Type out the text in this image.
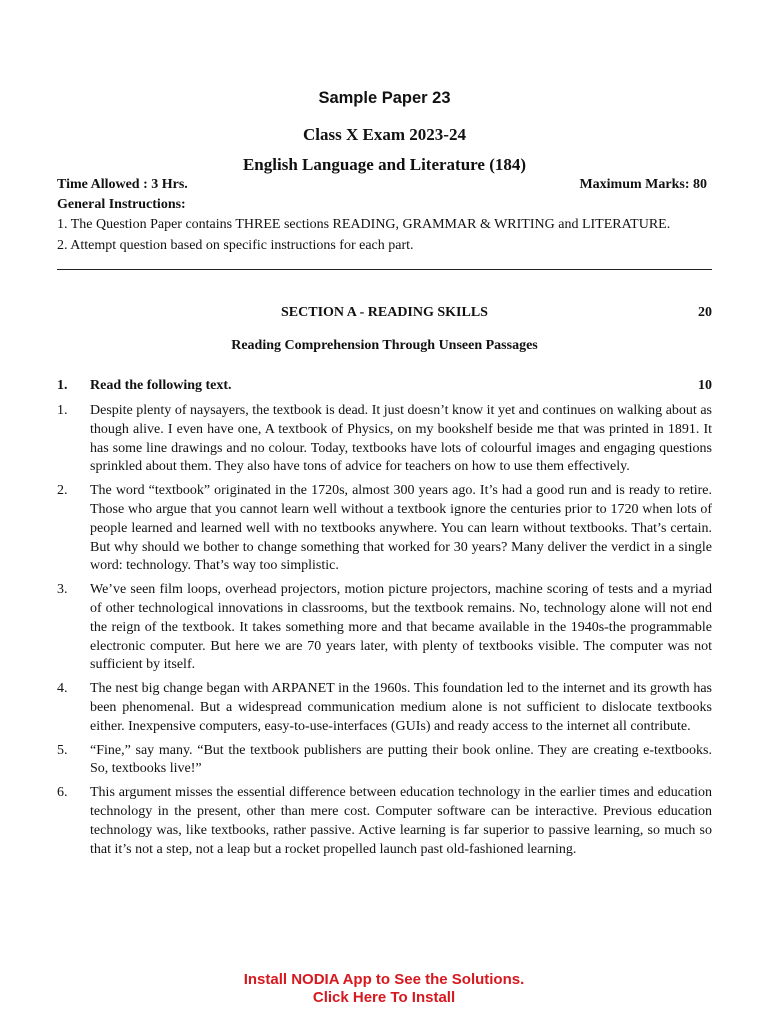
Sample Paper 23
Class X Exam 2023-24
English Language and Literature (184)
Time Allowed : 3 Hrs.	Maximum Marks: 80
General Instructions:
1. The Question Paper contains THREE sections READING, GRAMMAR & WRITING and LITERATURE.
2. Attempt question based on specific instructions for each part.
SECTION A - READING SKILLS	20
Reading Comprehension Through Unseen Passages
1. Read the following text.	10
1. Despite plenty of naysayers, the textbook is dead. It just doesn’t know it yet and continues on walking about as though alive. I even have one, A textbook of Physics, on my bookshelf beside me that was printed in 1891. It has some line drawings and no colour. Today, textbooks have lots of colourful images and engaging questions sprinkled about them. They also have tons of advice for teachers on how to use them effectively.
2. The word “textbook” originated in the 1720s, almost 300 years ago. It’s had a good run and is ready to retire. Those who argue that you cannot learn well without a textbook ignore the centuries prior to 1720 when lots of people learned and learned well with no textbooks anywhere. You can learn without textbooks. That’s certain. But why should we bother to change something that worked for 30 years? Many deliver the verdict in a single word: technology. That’s way too simplistic.
3. We’ve seen film loops, overhead projectors, motion picture projectors, machine scoring of tests and a myriad of other technological innovations in classrooms, but the textbook remains. No, technology alone will not end the reign of the textbook. It takes something more and that became available in the 1940s-the programmable electronic computer. But here we are 70 years later, with plenty of textbooks visible. The computer was not sufficient by itself.
4. The nest big change began with ARPANET in the 1960s. This foundation led to the internet and its growth has been phenomenal. But a widespread communication medium alone is not sufficient to dislocate textbooks either. Inexpensive computers, easy-to-use-interfaces (GUIs) and ready access to the internet all contribute.
5. “Fine,” say many. “But the textbook publishers are putting their book online. They are creating e-textbooks. So, textbooks live!”
6. This argument misses the essential difference between education technology in the earlier times and education technology in the present, other than mere cost. Computer software can be interactive. Previous education technology was, like textbooks, rather passive. Active learning is far superior to passive learning, so much so that it’s not a step, not a leap but a rocket propelled launch past old-fashioned learning.
Install NODIA App to See the Solutions.
Click Here To Install
